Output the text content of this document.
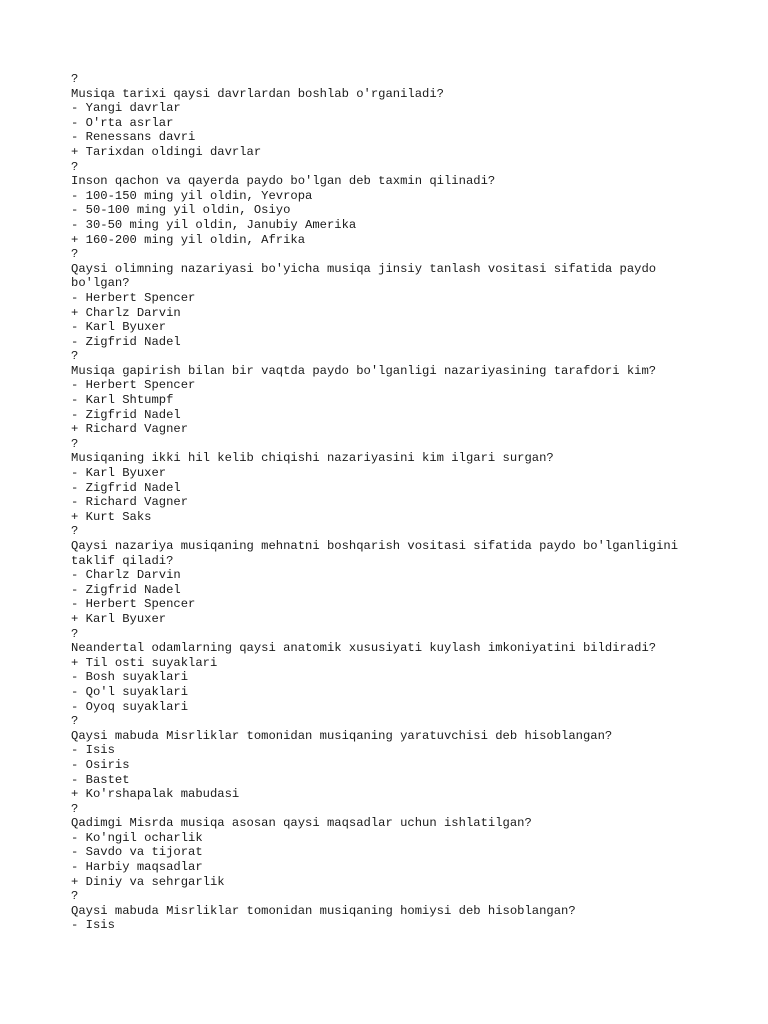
?
Musiqa tarixi qaysi davrlardan boshlab o'rganiladi?
- Yangi davrlar
- O'rta asrlar
- Renessans davri
+ Tarixdan oldingi davrlar
?
Inson qachon va qayerda paydo bo'lgan deb taxmin qilinadi?
- 100-150 ming yil oldin, Yevropa
- 50-100 ming yil oldin, Osiyo
- 30-50 ming yil oldin, Janubiy Amerika
+ 160-200 ming yil oldin, Afrika
?
Qaysi olimning nazariyasi bo'yicha musiqa jinsiy tanlash vositasi sifatida paydo
bo'lgan?
- Herbert Spencer
+ Charlz Darvin
- Karl Byuxer
- Zigfrid Nadel
?
Musiqa gapirish bilan bir vaqtda paydo bo'lganligi nazariyasining tarafdori kim?
- Herbert Spencer
- Karl Shtumpf
- Zigfrid Nadel
+ Richard Vagner
?
Musiqaning ikki hil kelib chiqishi nazariyasini kim ilgari surgan?
- Karl Byuxer
- Zigfrid Nadel
- Richard Vagner
+ Kurt Saks
?
Qaysi nazariya musiqaning mehnatni boshqarish vositasi sifatida paydo bo'lganligini
taklif qiladi?
- Charlz Darvin
- Zigfrid Nadel
- Herbert Spencer
+ Karl Byuxer
?
Neandertal odamlarning qaysi anatomik xususiyati kuylash imkoniyatini bildiradi?
+ Til osti suyaklari
- Bosh suyaklari
- Qo'l suyaklari
- Oyoq suyaklari
?
Qaysi mabuda Misrliklar tomonidan musiqaning yaratuvchisi deb hisoblangan?
- Isis
- Osiris
- Bastet
+ Ko'rshapalak mabudasi
?
Qadimgi Misrda musiqa asosan qaysi maqsadlar uchun ishlatilgan?
- Ko'ngil ocharlik
- Savdo va tijorat
- Harbiy maqsadlar
+ Diniy va sehrgarlik
?
Qaysi mabuda Misrliklar tomonidan musiqaning homiysi deb hisoblangan?
- Isis
